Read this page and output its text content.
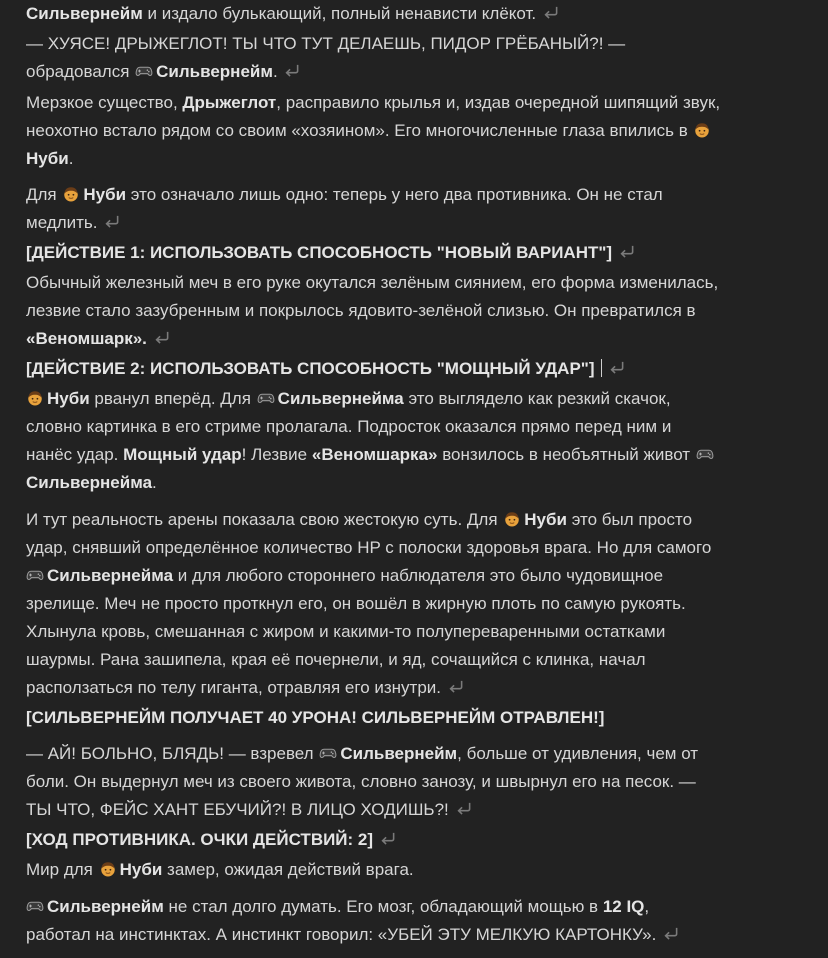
Сильвернейм и издало булькающий, полный ненависти клёкот.
— ХУЯСЕ! ДРЫЖЕГЛОТ! ТЫ ЧТО ТУТ ДЕЛАЕШЬ, ПИДОР ГРЁБАНЫЙ?! —
обрадовался Сильвернейм.
Мерзкое существо, Дрыжеглот, расправило крылья и, издав очередной шипящий звук,
неохотно встало рядом со своим «хозяином». Его многочисленные глаза впились в
Нуби.
Для Нуби это означало лишь одно: теперь у него два противника. Он не стал
медлить.
[ДЕЙСТВИЕ 1: ИСПОЛЬЗОВАТЬ СПОСОБНОСТЬ "НОВЫЙ ВАРИАНТ"]
Обычный железный меч в его руке окутался зелёным сиянием, его форма изменилась,
лезвие стало зазубренным и покрылось ядовито-зелёной слизью. Он превратился в
«Веномшарк».
[ДЕЙСТВИЕ 2: ИСПОЛЬЗОВАТЬ СПОСОБНОСТЬ "МОЩНЫЙ УДАР"]
Нуби рванул вперёд. Для Сильвернейма это выглядело как резкий скачок,
словно картинка в его стриме пролагала. Подросток оказался прямо перед ним и
нанёс удар. Мощный удар! Лезвие «Веномшарка» вонзилось в необъятный живот
Сильвернейма.
И тут реальность арены показала свою жестокую суть. Для Нуби это был просто
удар, снявший определённое количество HP с полоски здоровья врага. Но для самого
Сильвернейма и для любого стороннего наблюдателя это было чудовищное
зрелище. Меч не просто проткнул его, он вошёл в жирную плоть по самую рукоять.
Хлынула кровь, смешанная с жиром и какими-то полупереваренными остатками
шаурмы. Рана зашипела, края её почернели, и яд, сочащийся с клинка, начал
расползаться по телу гиганта, отравляя его изнутри.
[СИЛЬВЕРНЕЙМ ПОЛУЧАЕТ 40 УРОНА! СИЛЬВЕРНЕЙМ ОТРАВЛЕН!]
— АЙ! БОЛЬНО, БЛЯДЬ! — взревел Сильвернейм, больше от удивления, чем от
боли. Он выдернул меч из своего живота, словно занозу, и швырнул его на песок. —
ТЫ ЧТО, ФЕЙС ХАНТ ЕБУЧИЙ?! В ЛИЦО ХОДИШЬ?!
[ХОД ПРОТИВНИКА. ОЧКИ ДЕЙСТВИЙ: 2]
Мир для Нуби замер, ожидая действий врага.
Сильвернейм не стал долго думать. Его мозг, обладающий мощью в 12 IQ,
работал на инстинктах. А инстинкт говорил: «УБЕЙ ЭТУ МЕЛКУЮ КАРТОНКУ».
